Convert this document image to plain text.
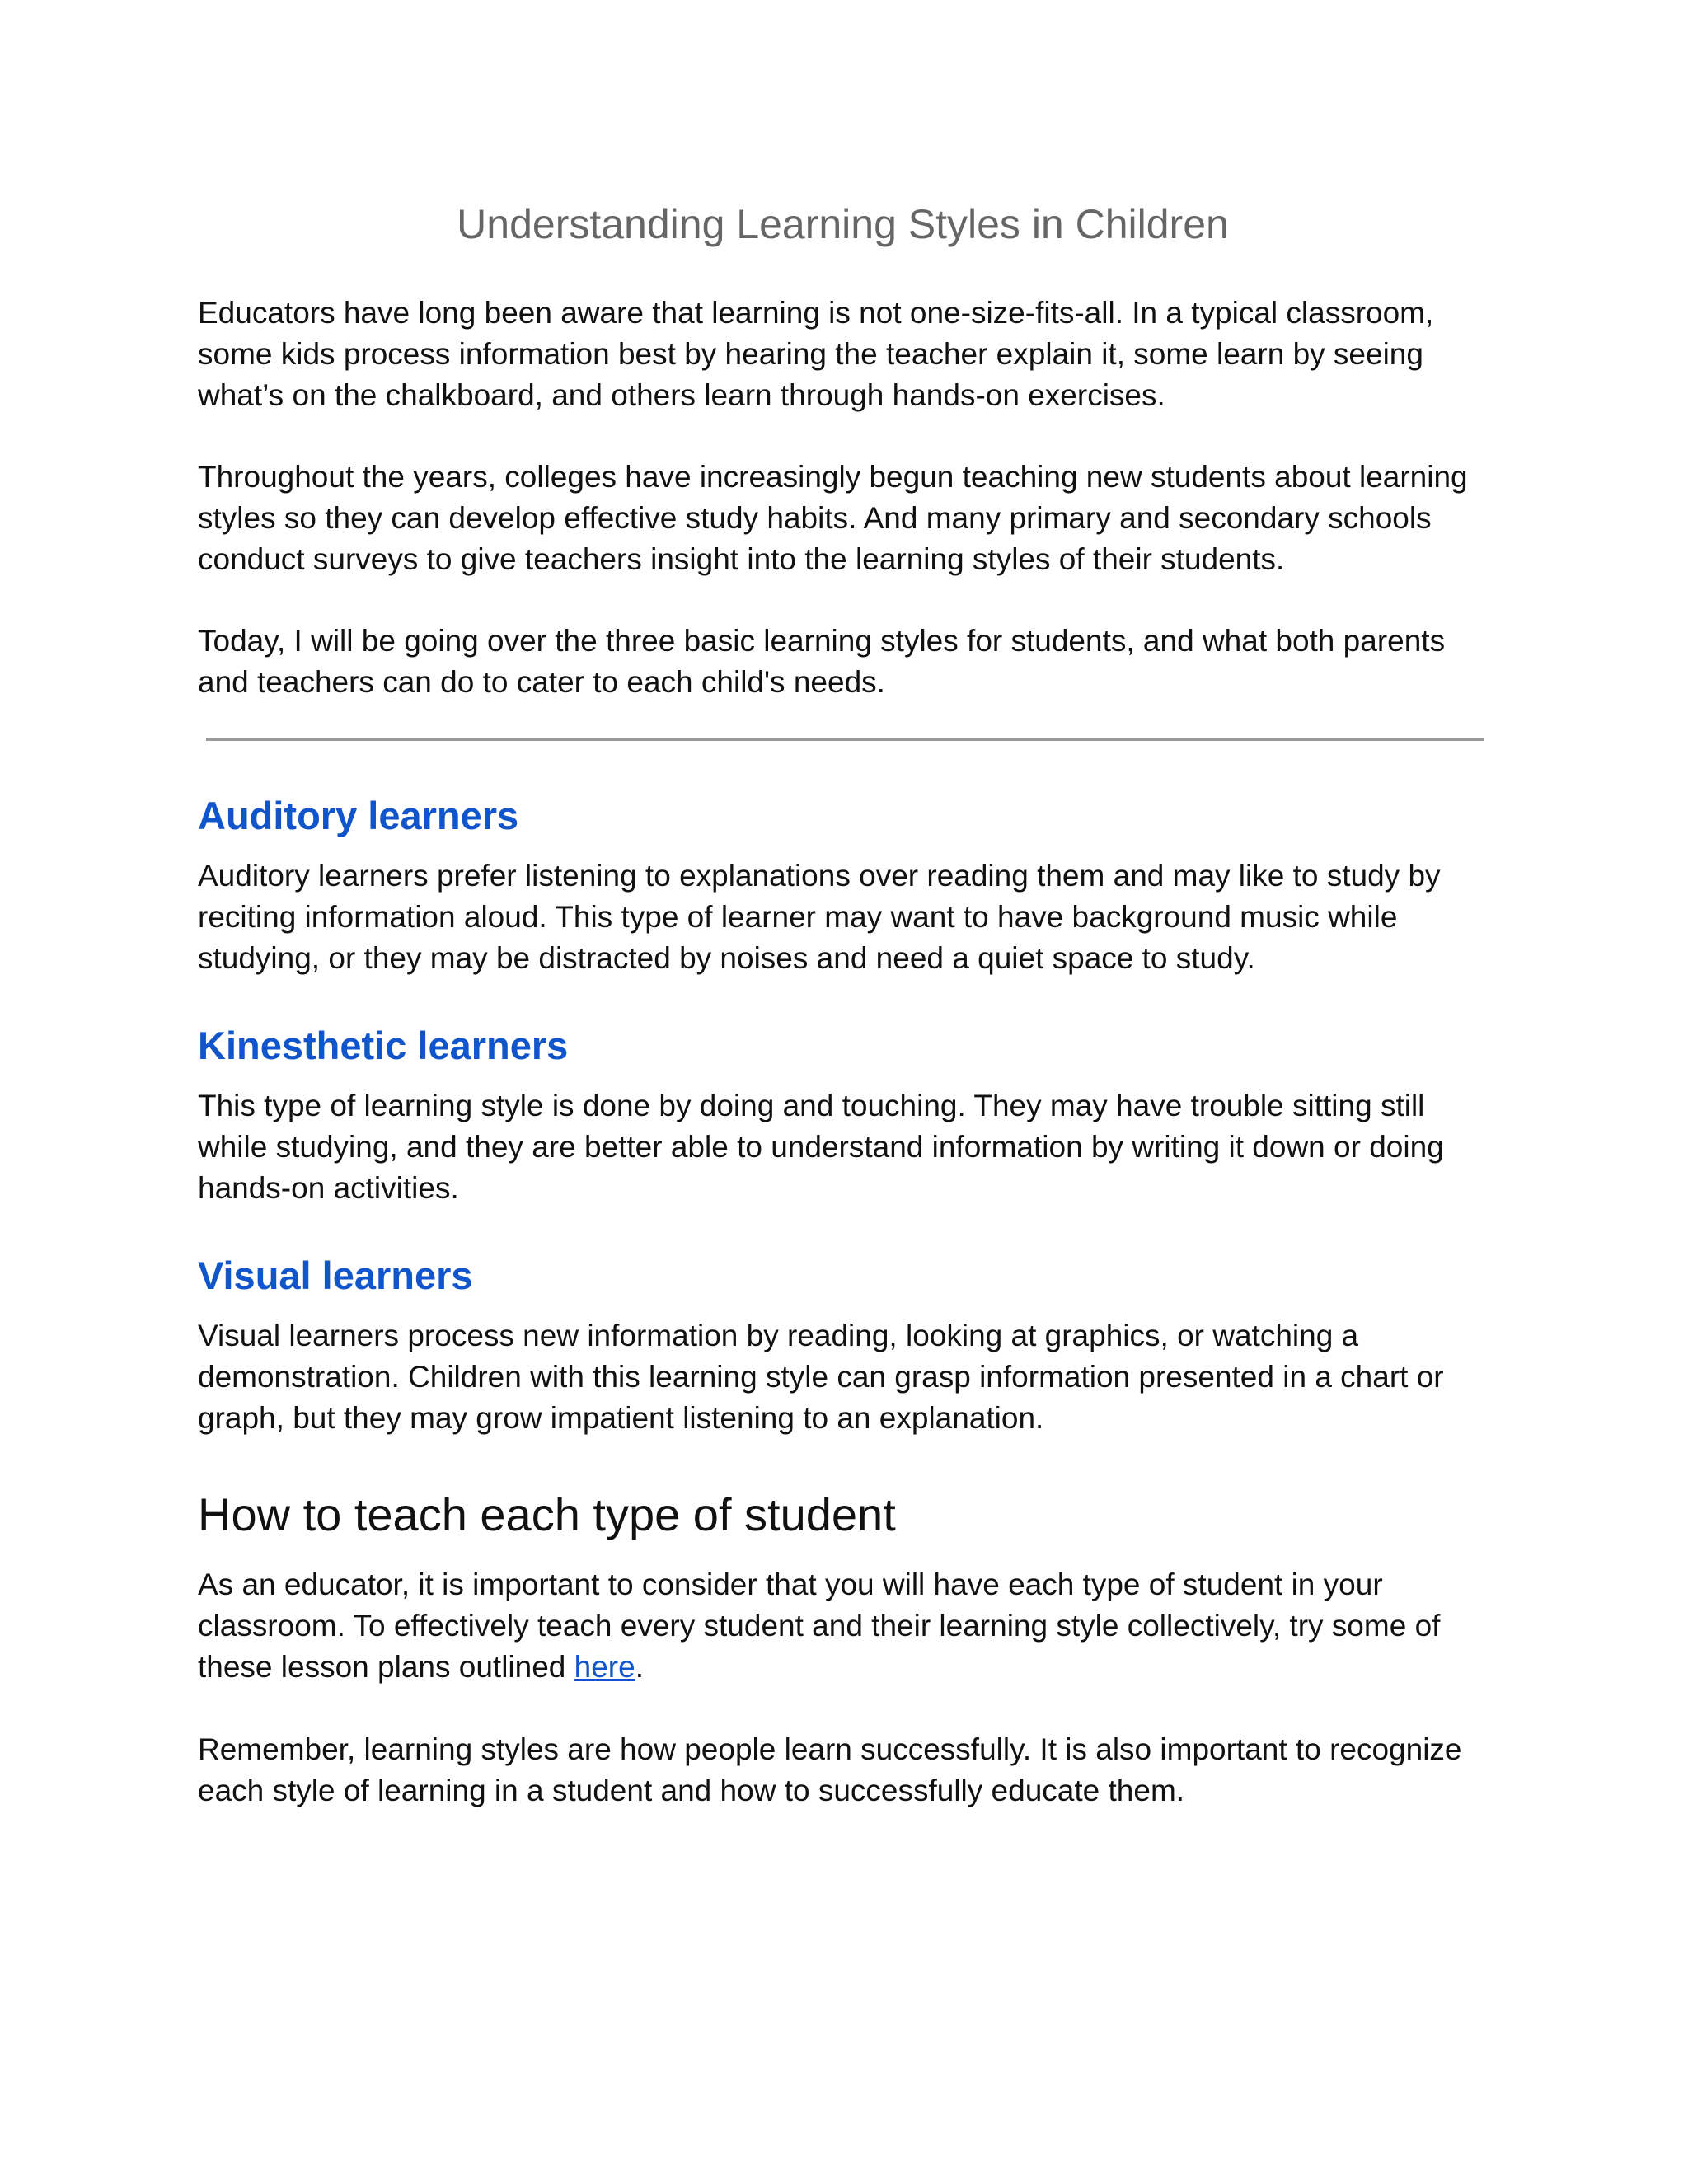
Understanding Learning Styles in Children

Educators have long been aware that learning is not one-size-fits-all. In a typical classroom, some kids process information best by hearing the teacher explain it, some learn by seeing what’s on the chalkboard, and others learn through hands-on exercises.

Throughout the years, colleges have increasingly begun teaching new students about learning styles so they can develop effective study habits. And many primary and secondary schools conduct surveys to give teachers insight into the learning styles of their students.

Today, I will be going over the three basic learning styles for students, and what both parents and teachers can do to cater to each child's needs.

Auditory learners

Auditory learners prefer listening to explanations over reading them and may like to study by reciting information aloud. This type of learner may want to have background music while studying, or they may be distracted by noises and need a quiet space to study.

Kinesthetic learners

This type of learning style is done by doing and touching. They may have trouble sitting still while studying, and they are better able to understand information by writing it down or doing hands-on activities.

Visual learners

Visual learners process new information by reading, looking at graphics, or watching a demonstration. Children with this learning style can grasp information presented in a chart or graph, but they may grow impatient listening to an explanation.

How to teach each type of student

As an educator, it is important to consider that you will have each type of student in your classroom. To effectively teach every student and their learning style collectively, try some of these lesson plans outlined here.

Remember, learning styles are how people learn successfully. It is also important to recognize each style of learning in a student and how to successfully educate them.
